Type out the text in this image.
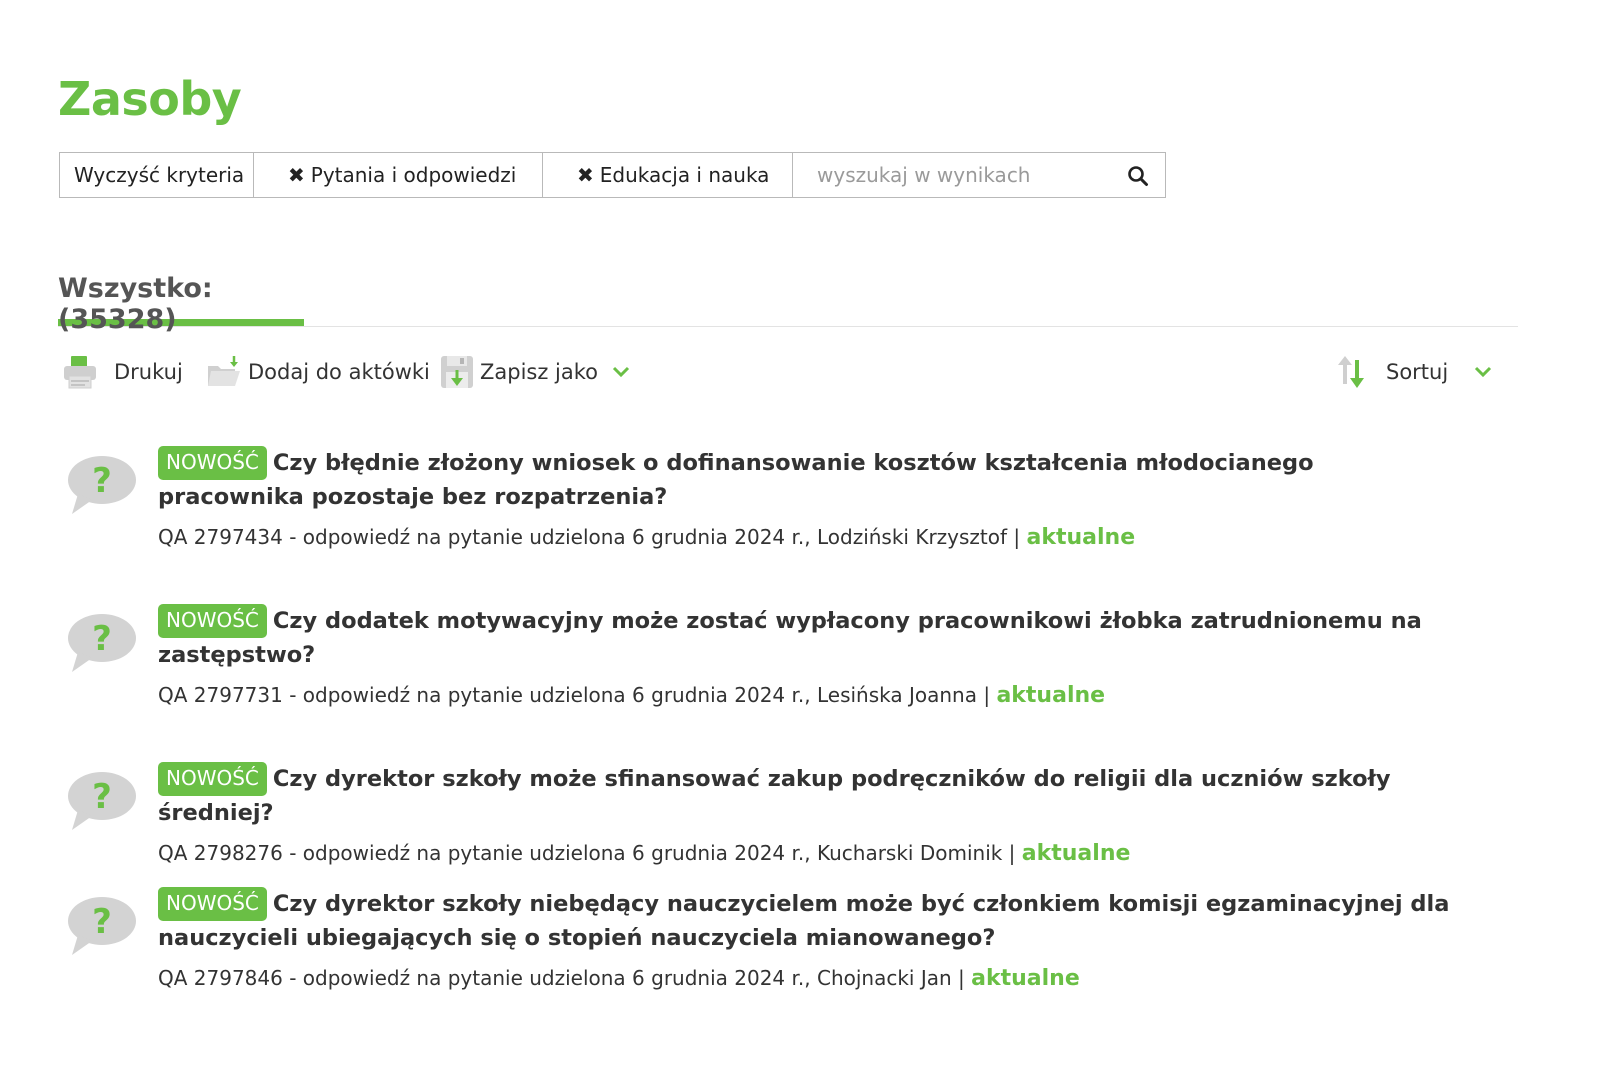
Zasoby
Wyczyść kryteria ✖ Pytania i odpowiedzi	✖ Edukacja i nauka
wyszukaj w wynikach
Wszystko: (35328)
Drukuj	Dodaj do aktówki Zapisz jako	Sortuj
?	NOWOŚĆ Czy błędnie złożony wniosek o dofinansowanie kosztów kształcenia młodocianego pracownika pozostaje bez rozpatrzenia?
QA 2797434 - odpowiedź na pytanie udzielona 6 grudnia 2024 r., Lodziński Krzysztof | aktualne
?	NOWOŚĆ Czy dodatek motywacyjny może zostać wypłacony pracownikowi żłobka zatrudnionemu na zastępstwo?
QA 2797731 - odpowiedź na pytanie udzielona 6 grudnia 2024 r., Lesińska Joanna | aktualne
?	NOWOŚĆ Czy dyrektor szkoły może sfinansować zakup podręczników do religii dla uczniów szkoły średniej?
QA 2798276 - odpowiedź na pytanie udzielona 6 grudnia 2024 r., Kucharski Dominik | aktualne
?	NOWOŚĆ Czy dyrektor szkoły niebędący nauczycielem może być członkiem komisji egzaminacyjnej dla nauczycieli ubiegających się o stopień nauczyciela mianowanego?
QA 2797846 - odpowiedź na pytanie udzielona 6 grudnia 2024 r., Chojnacki Jan | aktualne
